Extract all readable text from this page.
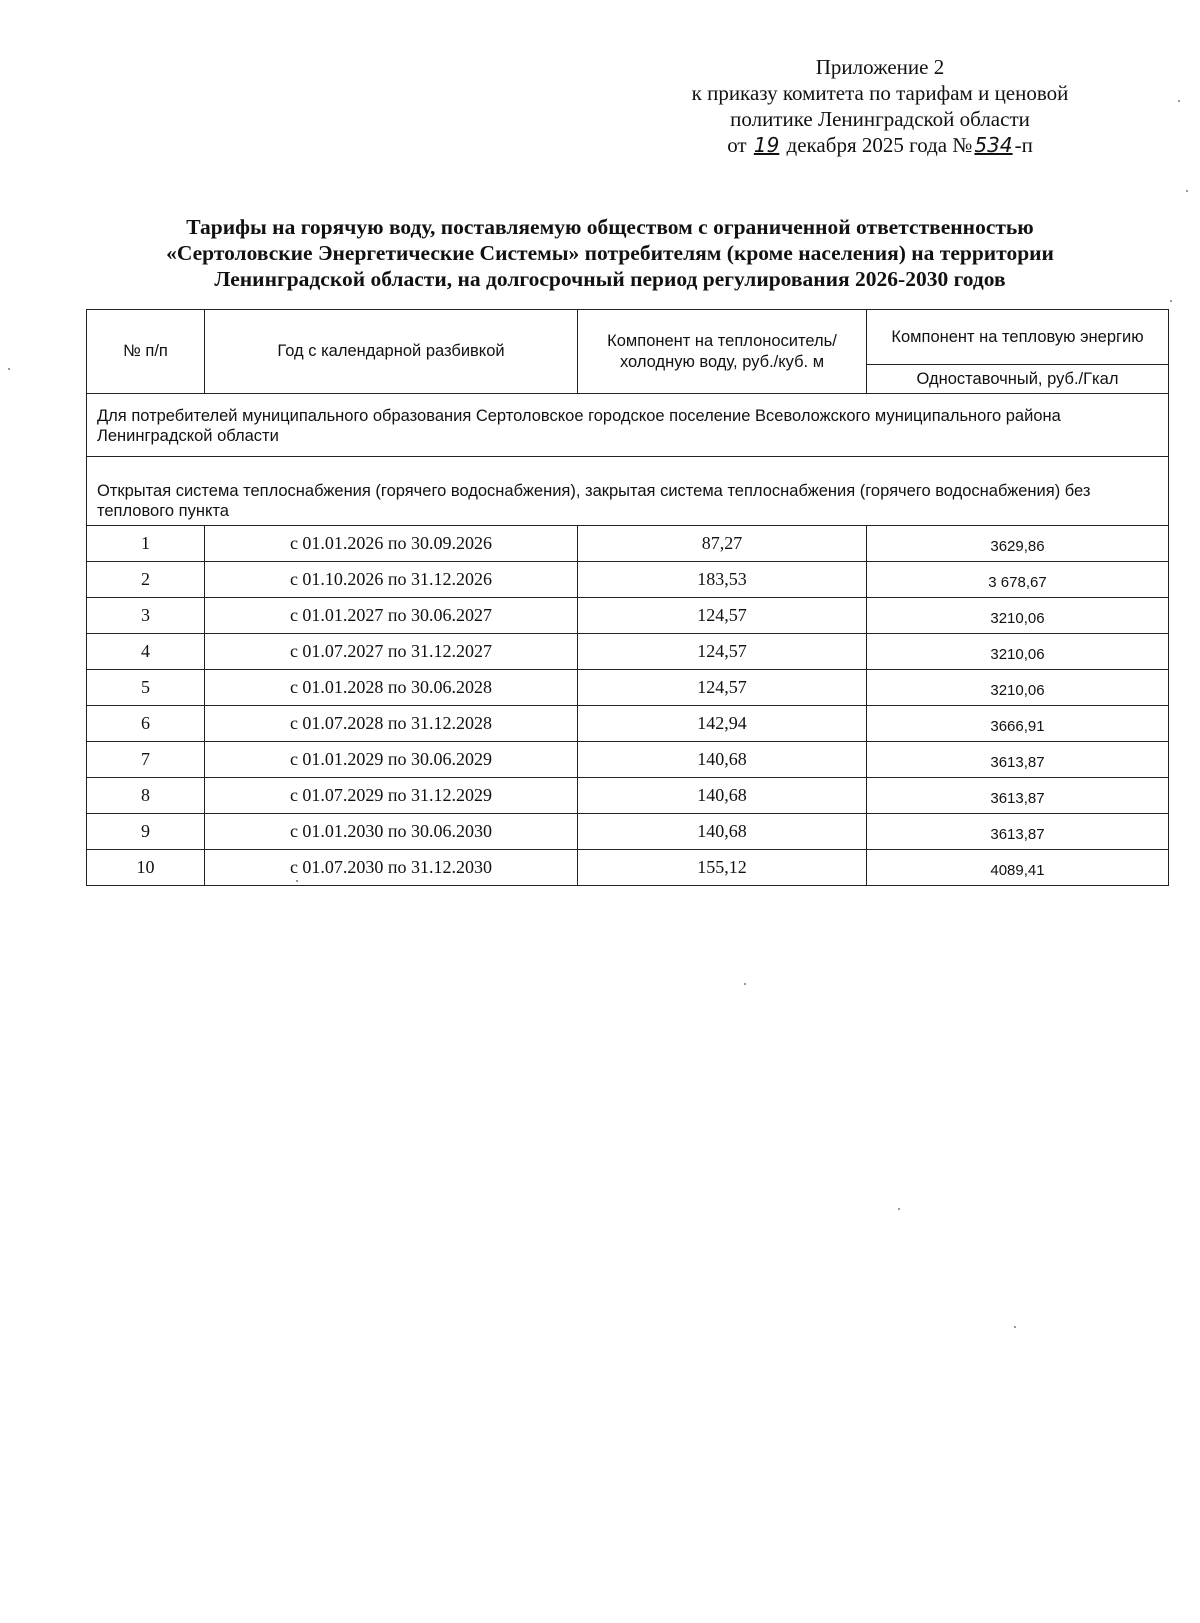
Приложение 2
к приказу комитета по тарифам и ценовой
политике Ленинградской области
от 19 декабря 2025 года № 534-п
Тарифы на горячую воду, поставляемую обществом с ограниченной ответственностью
«Сертоловские Энергетические Системы» потребителям (кроме населения) на территории
Ленинградской области, на долгосрочный период регулирования 2026-2030 годов
№ п/п	Год с календарной разбивкой	Компонент на теплоноситель/ холодную воду, руб./куб. м	Компонент на тепловую энергию
			Одноставочный, руб./Гкал
Для потребителей муниципального образования Сертоловское городское поселение Всеволожского муниципального района Ленинградской области			
Открытая система теплоснабжения (горячего водоснабжения), закрытая система теплоснабжения (горячего водоснабжения) без теплового пункта			
1	с 01.01.2026 по 30.09.2026	87,27	3629,86
2	с 01.10.2026 по 31.12.2026	183,53	3 678,67
3	с 01.01.2027 по 30.06.2027	124,57	3210,06
4	с 01.07.2027 по 31.12.2027	124,57	3210,06
5	с 01.01.2028 по 30.06.2028	124,57	3210,06
6	с 01.07.2028 по 31.12.2028	142,94	3666,91
7	с 01.01.2029 по 30.06.2029	140,68	3613,87
8	с 01.07.2029 по 31.12.2029	140,68	3613,87
9	с 01.01.2030 по 30.06.2030	140,68	3613,87
10	с 01.07.2030 по 31.12.2030	155,12	4089,41
